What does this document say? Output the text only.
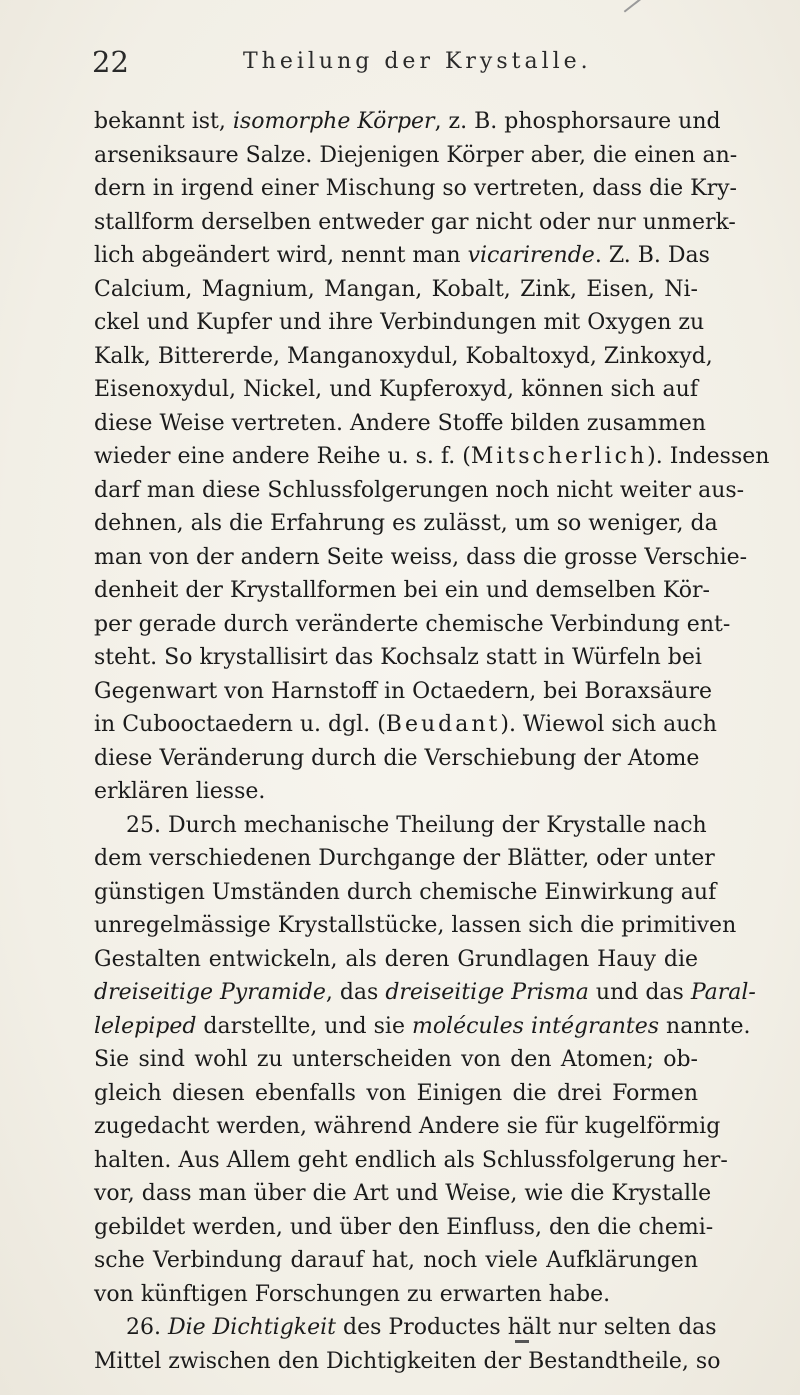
22	Theilung der Krystalle.
bekannt ist, isomorphe Körper, z. B. phosphorsaure und
arseniksaure Salze. Diejenigen Körper aber, die einen an-
dern in irgend einer Mischung so vertreten, dass die Kry-
stallform derselben entweder gar nicht oder nur unmerk-
lich abgeändert wird, nennt man vicarirende. Z. B. Das
Calcium, Magnium, Mangan, Kobalt, Zink, Eisen, Ni-
ckel und Kupfer und ihre Verbindungen mit Oxygen zu
Kalk, Bittererde, Manganoxydul, Kobaltoxyd, Zinkoxyd,
Eisenoxydul, Nickel, und Kupferoxyd, können sich auf
diese Weise vertreten. Andere Stoffe bilden zusammen
wieder eine andere Reihe u. s. f. (Mitscherlich). Indessen
darf man diese Schlussfolgerungen noch nicht weiter aus-
dehnen, als die Erfahrung es zulässt, um so weniger, da
man von der andern Seite weiss, dass die grosse Verschie-
denheit der Krystallformen bei ein und demselben Kör-
per gerade durch veränderte chemische Verbindung ent-
steht. So krystallisirt das Kochsalz statt in Würfeln bei
Gegenwart von Harnstoff in Octaedern, bei Boraxsäure
in Cubooctaedern u. dgl. (Beudant). Wiewol sich auch
diese Veränderung durch die Verschiebung der Atome
erklären liesse.
25. Durch mechanische Theilung der Krystalle nach
dem verschiedenen Durchgange der Blätter, oder unter
günstigen Umständen durch chemische Einwirkung auf
unregelmässige Krystallstücke, lassen sich die primitiven
Gestalten entwickeln, als deren Grundlagen Hauy die
dreiseitige Pyramide, das dreiseitige Prisma und das Paral-
lelepiped darstellte, und sie molécules intégrantes nannte.
Sie sind wohl zu unterscheiden von den Atomen; ob-
gleich diesen ebenfalls von Einigen die drei Formen
zugedacht werden, während Andere sie für kugelförmig
halten. Aus Allem geht endlich als Schlussfolgerung her-
vor, dass man über die Art und Weise, wie die Krystalle
gebildet werden, und über den Einfluss, den die chemi-
sche Verbindung darauf hat, noch viele Aufklärungen
von künftigen Forschungen zu erwarten habe.
26. Die Dichtigkeit des Productes hält nur selten das
Mittel zwischen den Dichtigkeiten der Bestandtheile, so
